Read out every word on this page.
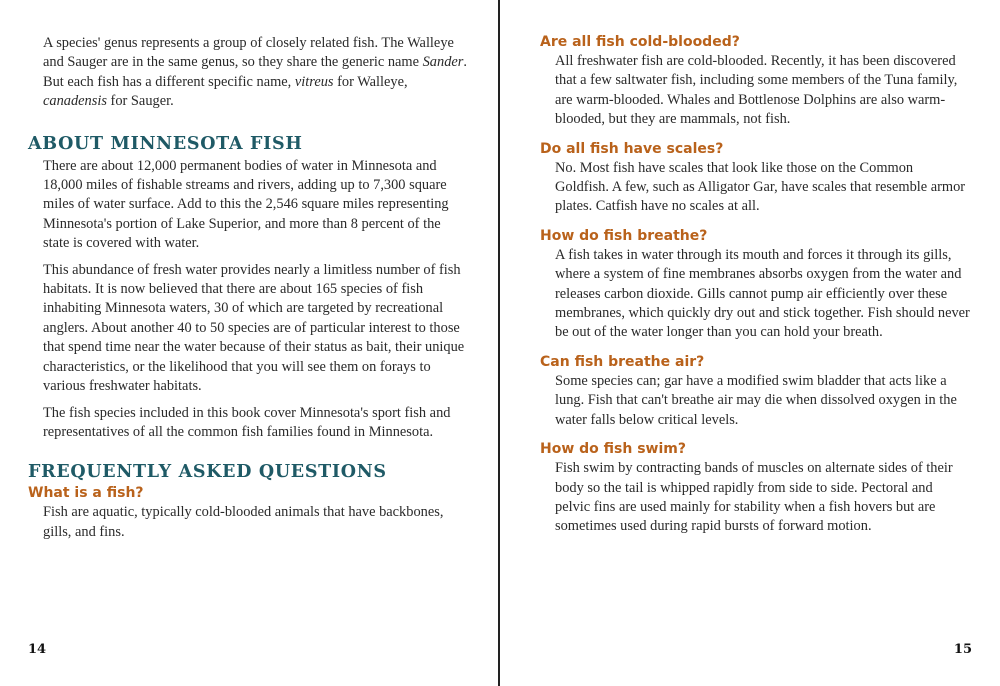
A species' genus represents a group of closely related fish. The Walleye and Sauger are in the same genus, so they share the generic name Sander. But each fish has a different specific name, vitreus for Walleye, canadensis for Sauger.

ABOUT MINNESOTA FISH

There are about 12,000 permanent bodies of water in Minnesota and 18,000 miles of fishable streams and rivers, adding up to 7,300 square miles of water surface. Add to this the 2,546 square miles representing Minnesota's portion of Lake Superior, and more than 8 percent of the state is covered with water.

This abundance of fresh water provides nearly a limitless number of fish habitats. It is now believed that there are about 165 species of fish inhabiting Minnesota waters, 30 of which are targeted by recreational anglers. About another 40 to 50 species are of particular interest to those that spend time near the water because of their status as bait, their unique characteristics, or the likelihood that you will see them on forays to various freshwater habitats.

The fish species included in this book cover Minnesota's sport fish and representatives of all the common fish families found in Minnesota.

FREQUENTLY ASKED QUESTIONS
What is a fish?

Fish are aquatic, typically cold-blooded animals that have backbones, gills, and fins.

14
Are all fish cold-blooded?

All freshwater fish are cold-blooded. Recently, it has been discovered that a few saltwater fish, including some members of the Tuna family, are warm-blooded. Whales and Bottlenose Dolphins are also warm-blooded, but they are mammals, not fish.

Do all fish have scales?

No. Most fish have scales that look like those on the Common Goldfish. A few, such as Alligator Gar, have scales that resemble armor plates. Catfish have no scales at all.

How do fish breathe?

A fish takes in water through its mouth and forces it through its gills, where a system of fine membranes absorbs oxygen from the water and releases carbon dioxide. Gills cannot pump air efficiently over these membranes, which quickly dry out and stick together. Fish should never be out of the water longer than you can hold your breath.

Can fish breathe air?

Some species can; gar have a modified swim bladder that acts like a lung. Fish that can't breathe air may die when dissolved oxygen in the water falls below critical levels.

How do fish swim?

Fish swim by contracting bands of muscles on alternate sides of their body so the tail is whipped rapidly from side to side. Pectoral and pelvic fins are used mainly for stability when a fish hovers but are sometimes used during rapid bursts of forward motion.

15
